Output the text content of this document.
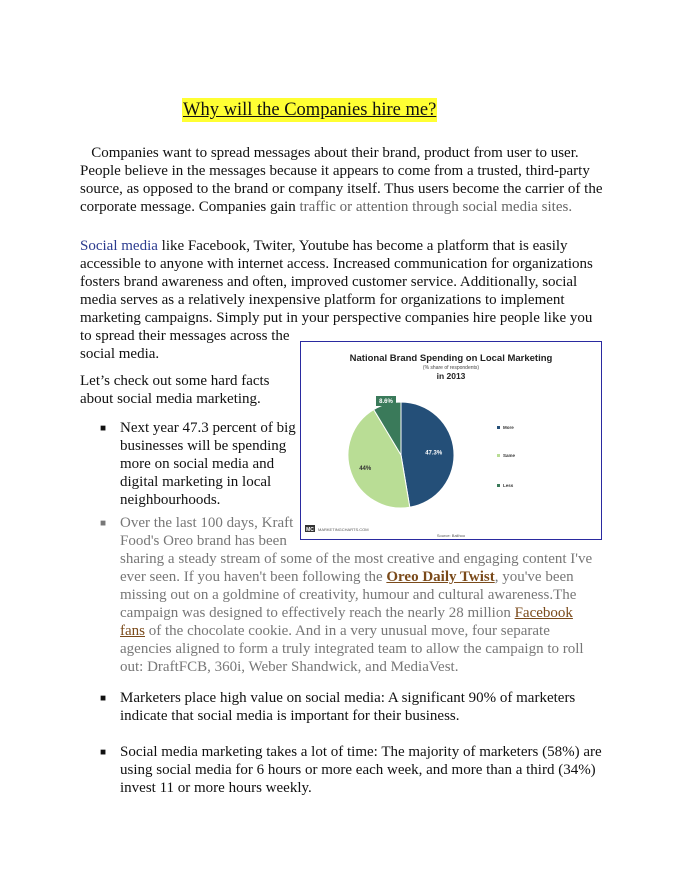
Why will the Companies hire me?

Companies want to spread messages about their brand, product from user to user. People believe in the messages because it appears to come from a trusted, third-party source, as opposed to the brand or company itself. Thus users become the carrier of the corporate message. Companies gain traffic or attention through social media sites.

Social media like Facebook, Twiter, Youtube has become a platform that is easily accessible to anyone with internet access. Increased communication for organizations fosters brand awareness and often, improved customer service. Additionally, social media serves as a relatively inexpensive platform for organizations to implement marketing campaigns. Simply put in your perspective companies hire people like you
to spread their messages across the social media.

Let’s check out some hard facts about social media marketing.

■ Next year 47.3 percent of big businesses will be spending more on social media and digital marketing in local neighbourhoods.
■ Over the last 100 days, Kraft Food's Oreo brand has been
sharing a steady stream of some of the most creative and engaging content I've ever seen. If you haven't been following the Oreo Daily Twist, you've been missing out on a goldmine of creativity, humour and cultural awareness.The campaign was designed to effectively reach the nearly 28 million Facebook fans of the chocolate cookie. And in a very unusual move, four separate agencies aligned to form a truly integrated team to allow the campaign to roll out: DraftFCB, 360i, Weber Shandwick, and MediaVest.
■ Marketers place high value on social media: A significant 90% of marketers indicate that social media is important for their business.
■ Social media marketing takes a lot of time: The majority of marketers (58%) are using social media for 6 hours or more each week, and more than a third (34%) invest 11 or more hours weekly.
National Brand Spending on Local Marketing
(% share of respondents)
in 2013
47.3%
44%
8.6%
More
Same
Less
MC MARKETINGCHARTS.COM
Source: Balihoo
